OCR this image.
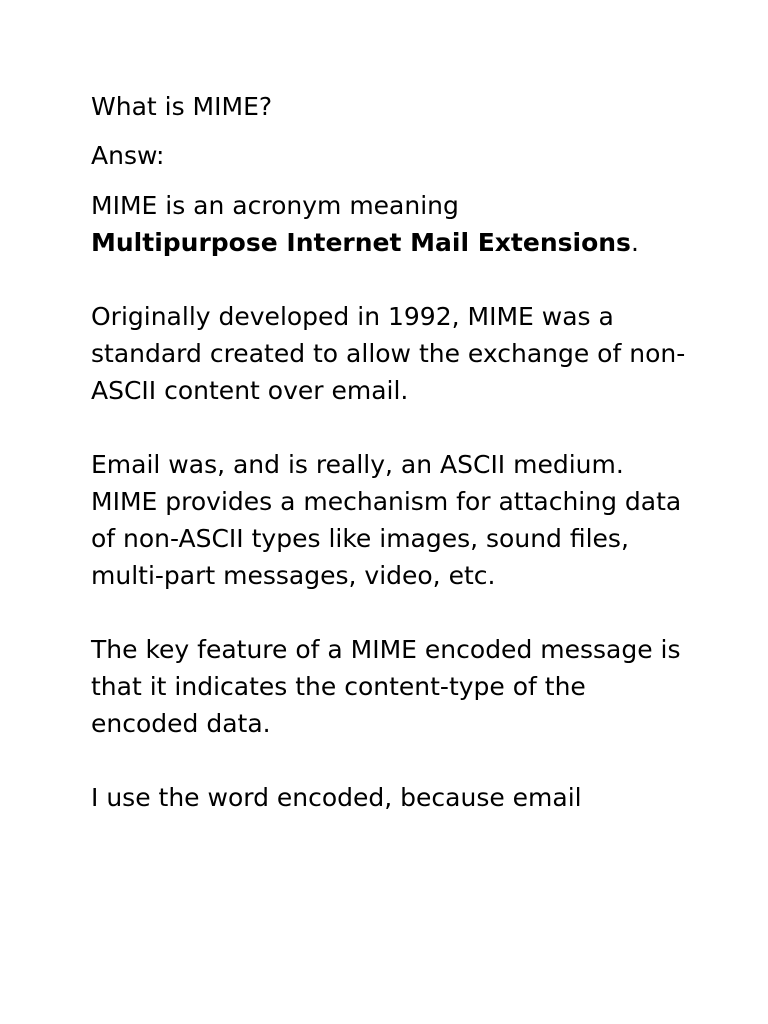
What is MIME?

Answ:

MIME is an acronym meaning
Multipurpose Internet Mail Extensions.

Originally developed in 1992, MIME was a standard created to allow the exchange of non-ASCII content over email.

Email was, and is really, an ASCII medium. MIME provides a mechanism for attaching data of non-ASCII types like images, sound files, multi-part messages, video, etc.

The key feature of a MIME encoded message is that it indicates the content-type of the encoded data.

I use the word encoded, because email
